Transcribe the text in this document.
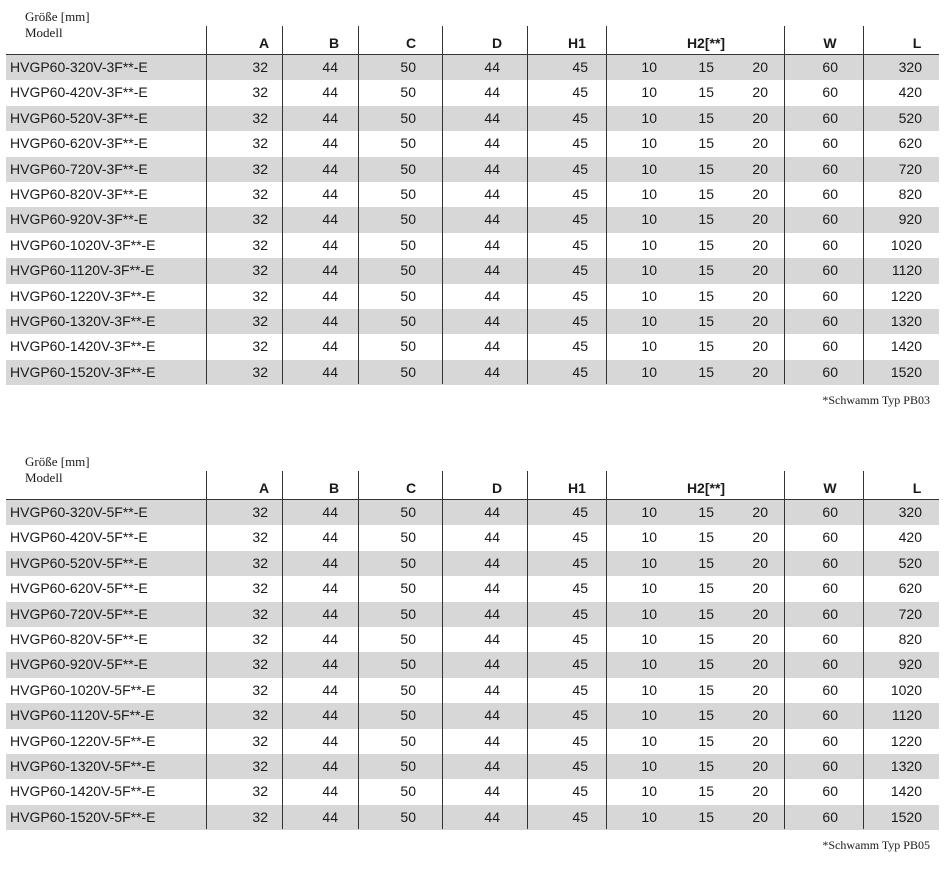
Größe [mm]
Modell
A	B	C	D	H1	H2[**]	W	L
HVGP60-320V-3F**-E	32	44	50	44	45	10	15	20	60	320
HVGP60-420V-3F**-E	32	44	50	44	45	10	15	20	60	420
HVGP60-520V-3F**-E	32	44	50	44	45	10	15	20	60	520
HVGP60-620V-3F**-E	32	44	50	44	45	10	15	20	60	620
HVGP60-720V-3F**-E	32	44	50	44	45	10	15	20	60	720
HVGP60-820V-3F**-E	32	44	50	44	45	10	15	20	60	820
HVGP60-920V-3F**-E	32	44	50	44	45	10	15	20	60	920
HVGP60-1020V-3F**-E	32	44	50	44	45	10	15	20	60	1020
HVGP60-1120V-3F**-E	32	44	50	44	45	10	15	20	60	1120
HVGP60-1220V-3F**-E	32	44	50	44	45	10	15	20	60	1220
HVGP60-1320V-3F**-E	32	44	50	44	45	10	15	20	60	1320
HVGP60-1420V-3F**-E	32	44	50	44	45	10	15	20	60	1420
HVGP60-1520V-3F**-E	32	44	50	44	45	10	15	20	60	1520
*Schwamm Typ PB03
Größe [mm]
Modell
A	B	C	D	H1	H2[**]	W	L
HVGP60-320V-5F**-E	32	44	50	44	45	10	15	20	60	320
HVGP60-420V-5F**-E	32	44	50	44	45	10	15	20	60	420
HVGP60-520V-5F**-E	32	44	50	44	45	10	15	20	60	520
HVGP60-620V-5F**-E	32	44	50	44	45	10	15	20	60	620
HVGP60-720V-5F**-E	32	44	50	44	45	10	15	20	60	720
HVGP60-820V-5F**-E	32	44	50	44	45	10	15	20	60	820
HVGP60-920V-5F**-E	32	44	50	44	45	10	15	20	60	920
HVGP60-1020V-5F**-E	32	44	50	44	45	10	15	20	60	1020
HVGP60-1120V-5F**-E	32	44	50	44	45	10	15	20	60	1120
HVGP60-1220V-5F**-E	32	44	50	44	45	10	15	20	60	1220
HVGP60-1320V-5F**-E	32	44	50	44	45	10	15	20	60	1320
HVGP60-1420V-5F**-E	32	44	50	44	45	10	15	20	60	1420
HVGP60-1520V-5F**-E	32	44	50	44	45	10	15	20	60	1520
*Schwamm Typ PB05
